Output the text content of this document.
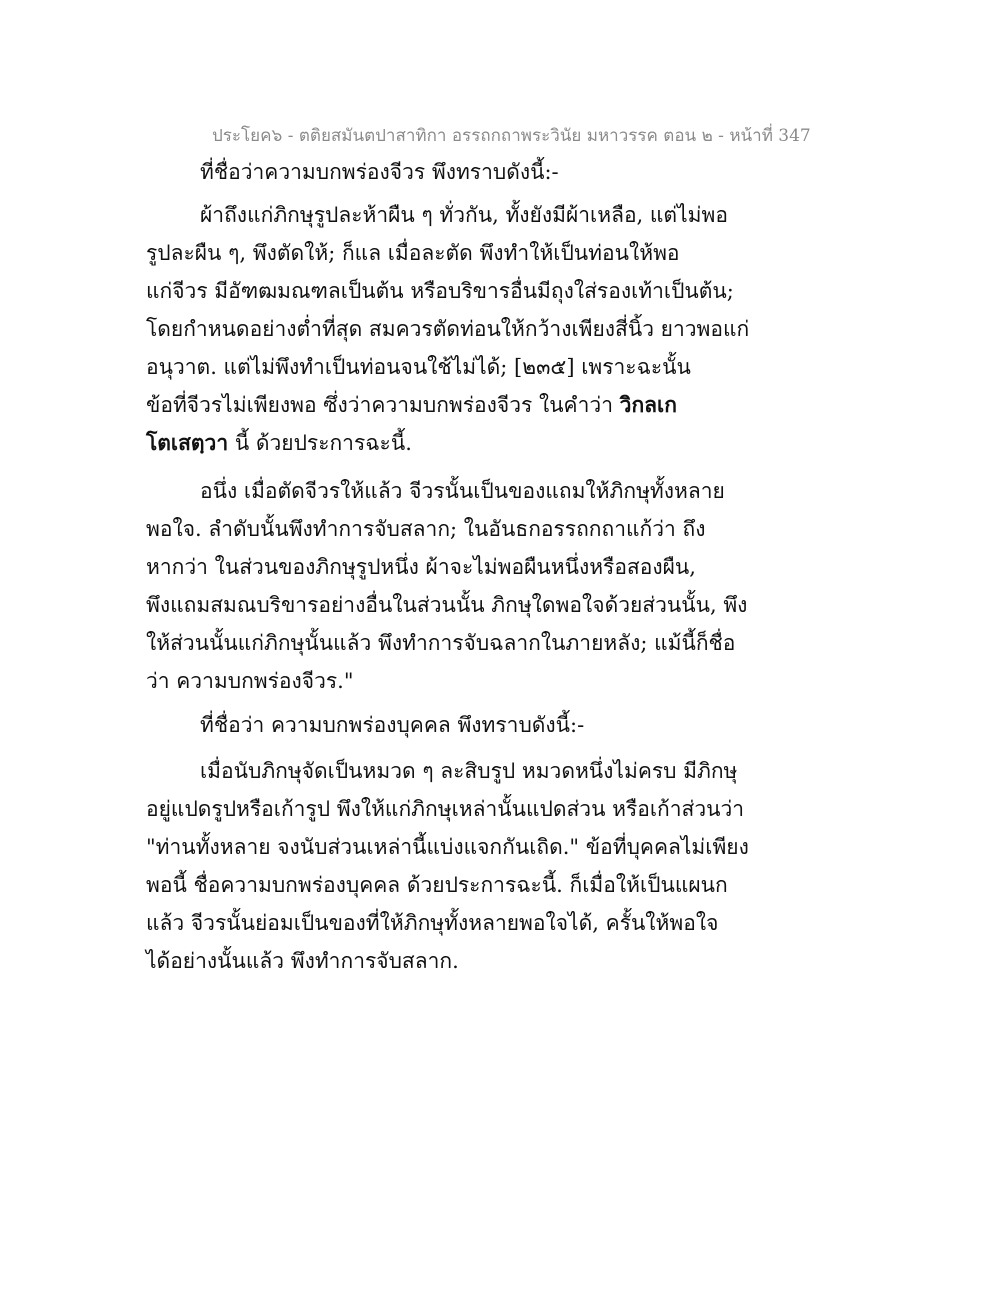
ประโยค๖ - ตติยสมันตปาสาทิกา อรรถกถาพระวินัย มหาวรรค ตอน ๒ - หน้าที่ 347
ที่ชื่อว่าความบกพร่องจีวร พึงทราบดังนี้:-
ผ้าถึงแก่ภิกษุรูปละห้าผืน ๆ ทั่วกัน, ทั้งยังมีผ้าเหลือ, แต่ไม่พอ
รูปละผืน ๆ, พึงตัดให้; ก็แล เมื่อละตัด พึงทำให้เป็นท่อนให้พอ
แก่จีวร มีอัฑฒมณฑลเป็นต้น หรือบริขารอื่นมีถุงใส่รองเท้าเป็นต้น;
โดยกำหนดอย่างต่ำที่สุด สมควรตัดท่อนให้กว้างเพียงสี่นิ้ว ยาวพอแก่
อนุวาต. แต่ไม่พึงทำเป็นท่อนจนใช้ไม่ได้; [๒๓๕] เพราะฉะนั้น
ข้อที่จีวรไม่เพียงพอ ซึ่งว่าความบกพร่องจีวร ในคำว่า วิกลเก
โตเสตฺวา นี้ ด้วยประการฉะนี้.
อนึ่ง เมื่อตัดจีวรให้แล้ว จีวรนั้นเป็นของแถมให้ภิกษุทั้งหลาย
พอใจ. ลำดับนั้นพึงทำการจับสลาก; ในอันธกอรรถกถาแก้ว่า ถึง
หากว่า ในส่วนของภิกษุรูปหนึ่ง ผ้าจะไม่พอผืนหนึ่งหรือสองผืน,
พึงแถมสมณบริขารอย่างอื่นในส่วนนั้น ภิกษุใดพอใจด้วยส่วนนั้น, พึง
ให้ส่วนนั้นแก่ภิกษุนั้นแล้ว พึงทำการจับฉลากในภายหลัง; แม้นี้ก็ชื่อ
ว่า ความบกพร่องจีวร."
ที่ชื่อว่า ความบกพร่องบุคคล พึงทราบดังนี้:-
เมื่อนับภิกษุจัดเป็นหมวด ๆ ละสิบรูป หมวดหนึ่งไม่ครบ มีภิกษุ
อยู่แปดรูปหรือเก้ารูป พึงให้แก่ภิกษุเหล่านั้นแปดส่วน หรือเก้าส่วนว่า
"ท่านทั้งหลาย จงนับส่วนเหล่านี้แบ่งแจกกันเถิด." ข้อที่บุคคลไม่เพียง
พอนี้ ชื่อความบกพร่องบุคคล ด้วยประการฉะนี้. ก็เมื่อให้เป็นแผนก
แล้ว จีวรนั้นย่อมเป็นของที่ให้ภิกษุทั้งหลายพอใจได้, ครั้นให้พอใจ
ได้อย่างนั้นแล้ว พึงทำการจับสลาก.
